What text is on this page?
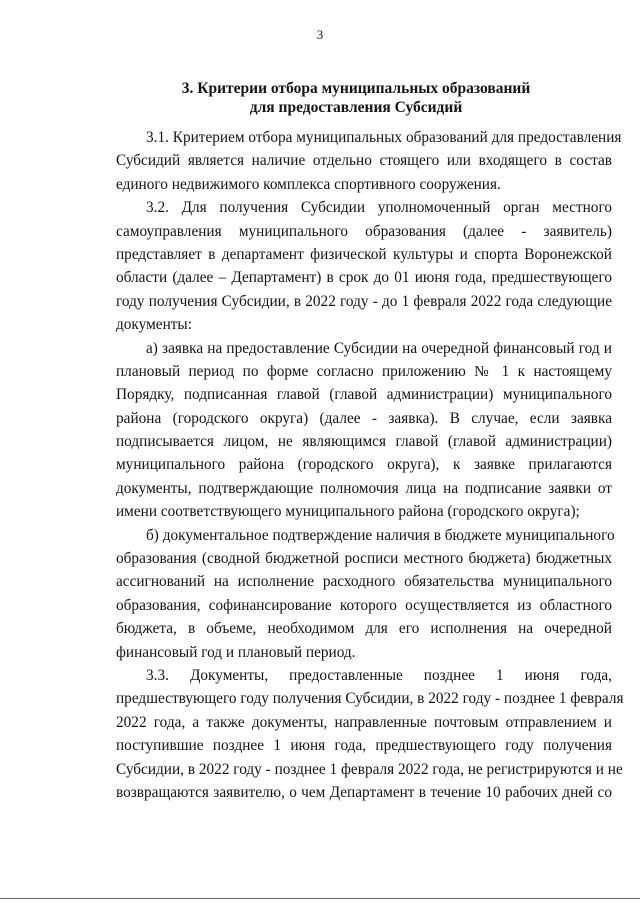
3
3. Критерии отбора муниципальных образований
для предоставления Субсидий
3.1. Критерием отбора муниципальных образований для предоставления
Субсидий является наличие отдельно стоящего или входящего в состав
единого недвижимого комплекса спортивного сооружения.
3.2. Для получения Субсидии уполномоченный орган местного
самоуправления муниципального образования (далее - заявитель)
представляет в департамент физической культуры и спорта Воронежской
области (далее – Департамент) в срок до 01 июня года, предшествующего
году получения Субсидии, в 2022 году - до 1 февраля 2022 года следующие
документы:
а) заявка на предоставление Субсидии на очередной финансовый год и
плановый период по форме согласно приложению № 1 к настоящему
Порядку, подписанная главой (главой администрации) муниципального
района (городского округа) (далее - заявка). В случае, если заявка
подписывается лицом, не являющимся главой (главой администрации)
муниципального района (городского округа), к заявке прилагаются
документы, подтверждающие полномочия лица на подписание заявки от
имени соответствующего муниципального района (городского округа);
б) документальное подтверждение наличия в бюджете муниципального
образования (сводной бюджетной росписи местного бюджета) бюджетных
ассигнований на исполнение расходного обязательства муниципального
образования, софинансирование которого осуществляется из областного
бюджета, в объеме, необходимом для его исполнения на очередной
финансовый год и плановый период.
3.3. Документы, предоставленные позднее 1 июня года,
предшествующего году получения Субсидии, в 2022 году - позднее 1 февраля
2022 года, а также документы, направленные почтовым отправлением и
поступившие позднее 1 июня года, предшествующего году получения
Субсидии, в 2022 году - позднее 1 февраля 2022 года, не регистрируются и не
возвращаются заявителю, о чем Департамент в течение 10 рабочих дней со
